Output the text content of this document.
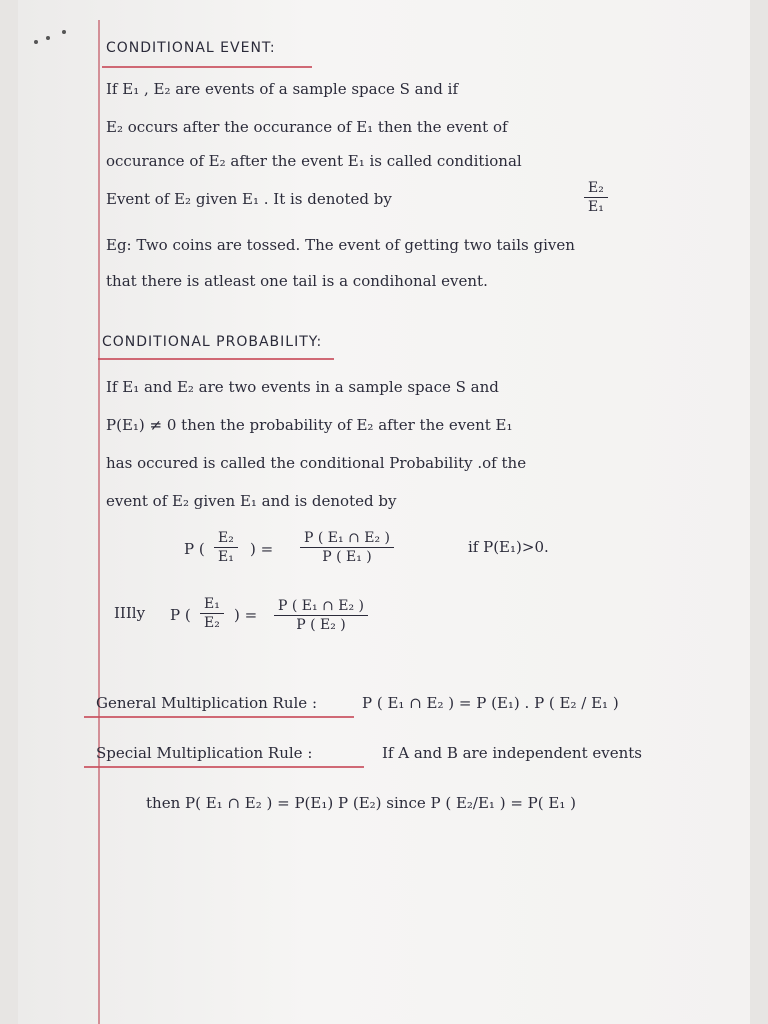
CONDITIONAL EVENT:
If E₁ , E₂ are events of a sample space S and if
E₂ occurs after the occurance of E₁ then the event of
occurance of E₂ after the event E₁ is called conditional
Event of E₂ given E₁ . It is denoted by	$\frac{\text{E₂}}{\text{E₁}}$
Eg: Two coins are tossed. The event of getting two tails given
that there is atleast one tail is a condihonal event.
CONDITIONAL PROBABILITY:
If E₁ and E₂ are two events in a sample space S and
P(E₁) ≠ 0 then the probability of E₂ after the event E₁
has occured is called the conditional Probability .of the
event of E₂ given E₁ and is denoted by
P ( $\frac{\text{E₂}}{\text{E₁}}$ ) = $\frac{\text{P ( E₁ ∩ E₂ )}}{\text{P ( E₁ )}}$	if P(E₁)>0.
IIIly P ( $\frac{\text{E₁}}{\text{E₂}}$ ) = $\frac{\text{P ( E₁ ∩ E₂ )}}{\text{P ( E₂ )}}$
General Multiplication Rule :	P ( E₁ ∩ E₂ ) = P (E₁) . P ( E₂ / E₁ )
Special Multiplication Rule :	If A and B are independent events
then P( E₁ ∩ E₂ ) = P(E₁) P (E₂) since P ( E₂/E₁ ) = P( E₁ )
